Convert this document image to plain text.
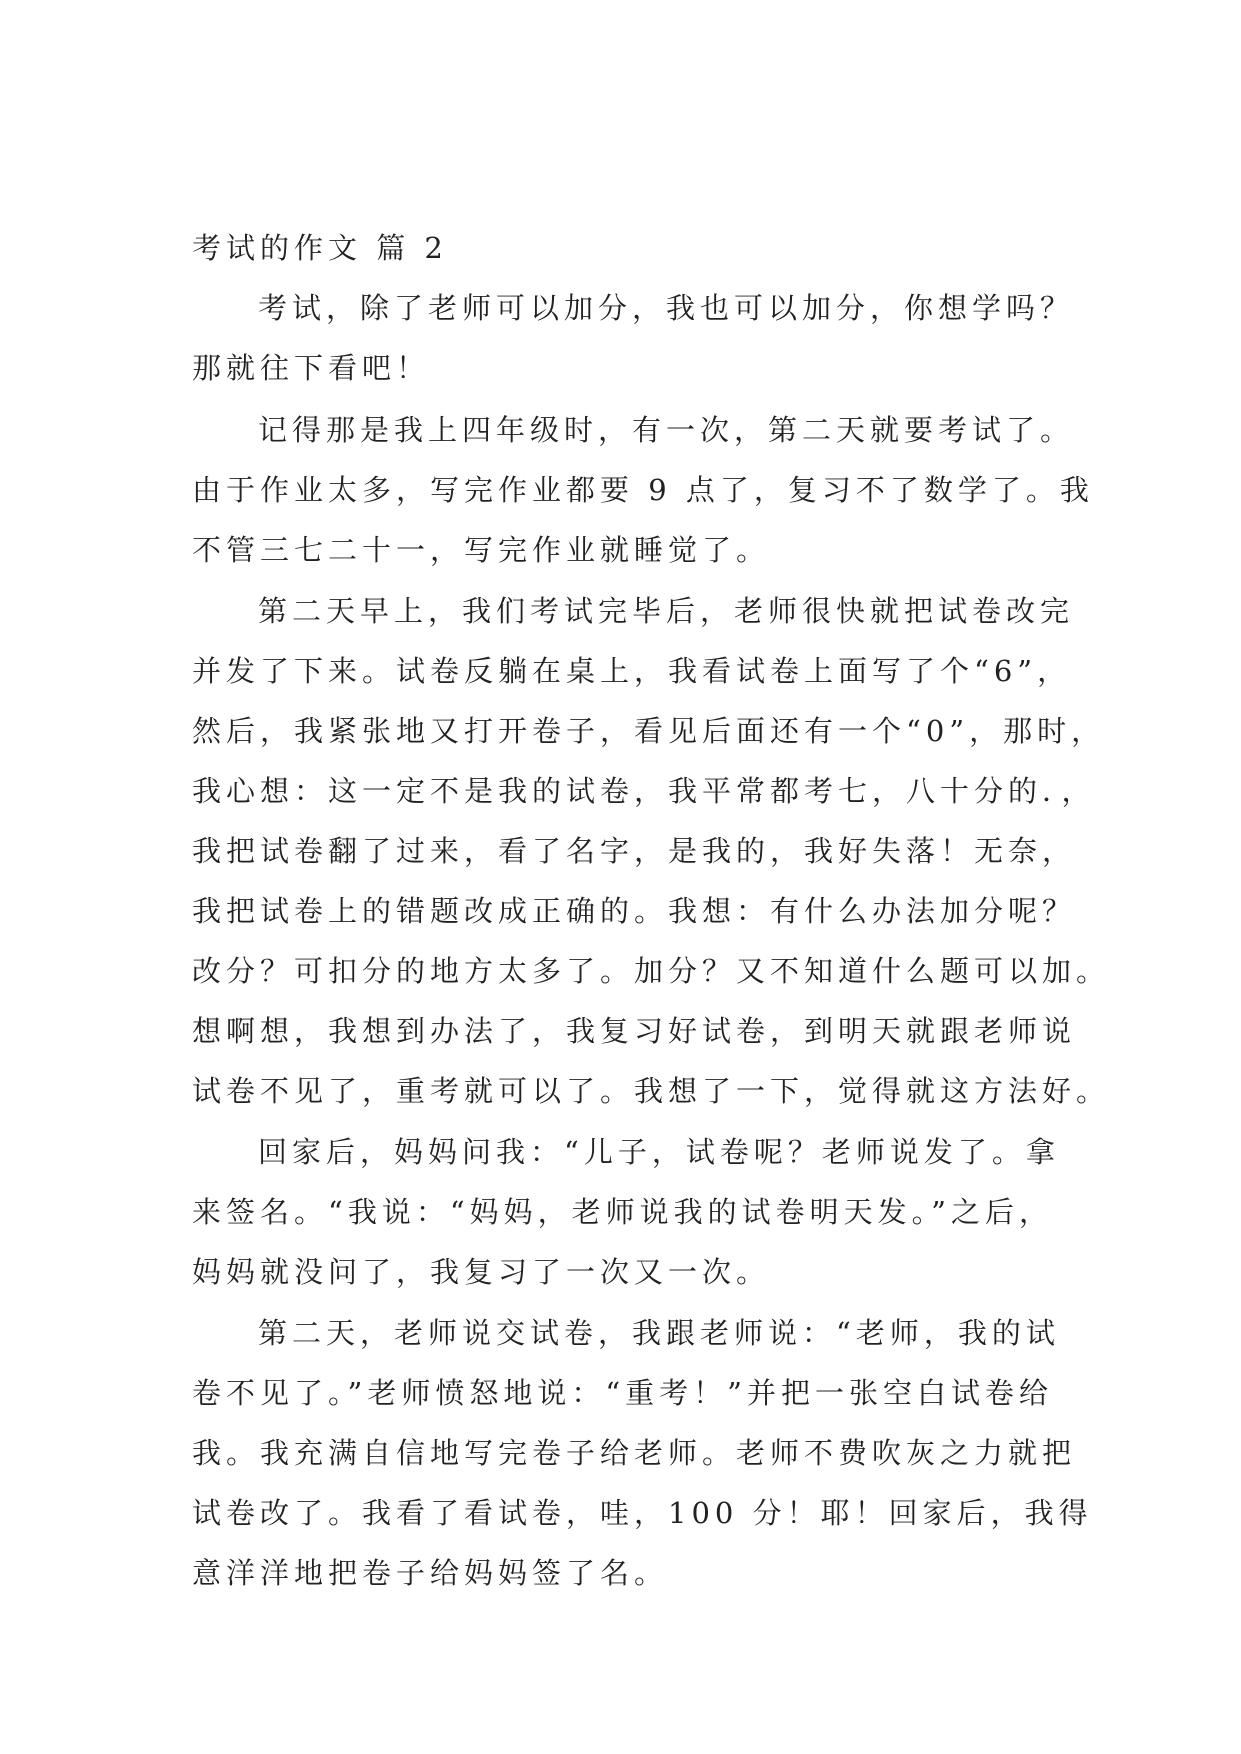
考试的作文 篇 2
考试，除了老师可以加分，我也可以加分，你想学吗？
那就往下看吧！
记得那是我上四年级时，有一次，第二天就要考试了。
由于作业太多，写完作业都要 9 点了，复习不了数学了。我
不管三七二十一，写完作业就睡觉了。
第二天早上，我们考试完毕后，老师很快就把试卷改完
并发了下来。试卷反躺在桌上，我看试卷上面写了个“6”，
然后，我紧张地又打开卷子，看见后面还有一个“0”，那时，
我心想：这一定不是我的试卷，我平常都考七，八十分的．，
我把试卷翻了过来，看了名字，是我的，我好失落！无奈，
我把试卷上的错题改成正确的。我想：有什么办法加分呢？
改分？可扣分的地方太多了。加分？又不知道什么题可以加。
想啊想，我想到办法了，我复习好试卷，到明天就跟老师说
试卷不见了，重考就可以了。我想了一下，觉得就这方法好。
回家后，妈妈问我：“儿子，试卷呢？老师说发了。拿
来签名。“我说：“妈妈，老师说我的试卷明天发。”之后，
妈妈就没问了，我复习了一次又一次。
第二天，老师说交试卷，我跟老师说：“老师，我的试
卷不见了。”老师愤怒地说：“重考！”并把一张空白试卷给
我。我充满自信地写完卷子给老师。老师不费吹灰之力就把
试卷改了。我看了看试卷，哇，100 分！耶！回家后，我得
意洋洋地把卷子给妈妈签了名。
